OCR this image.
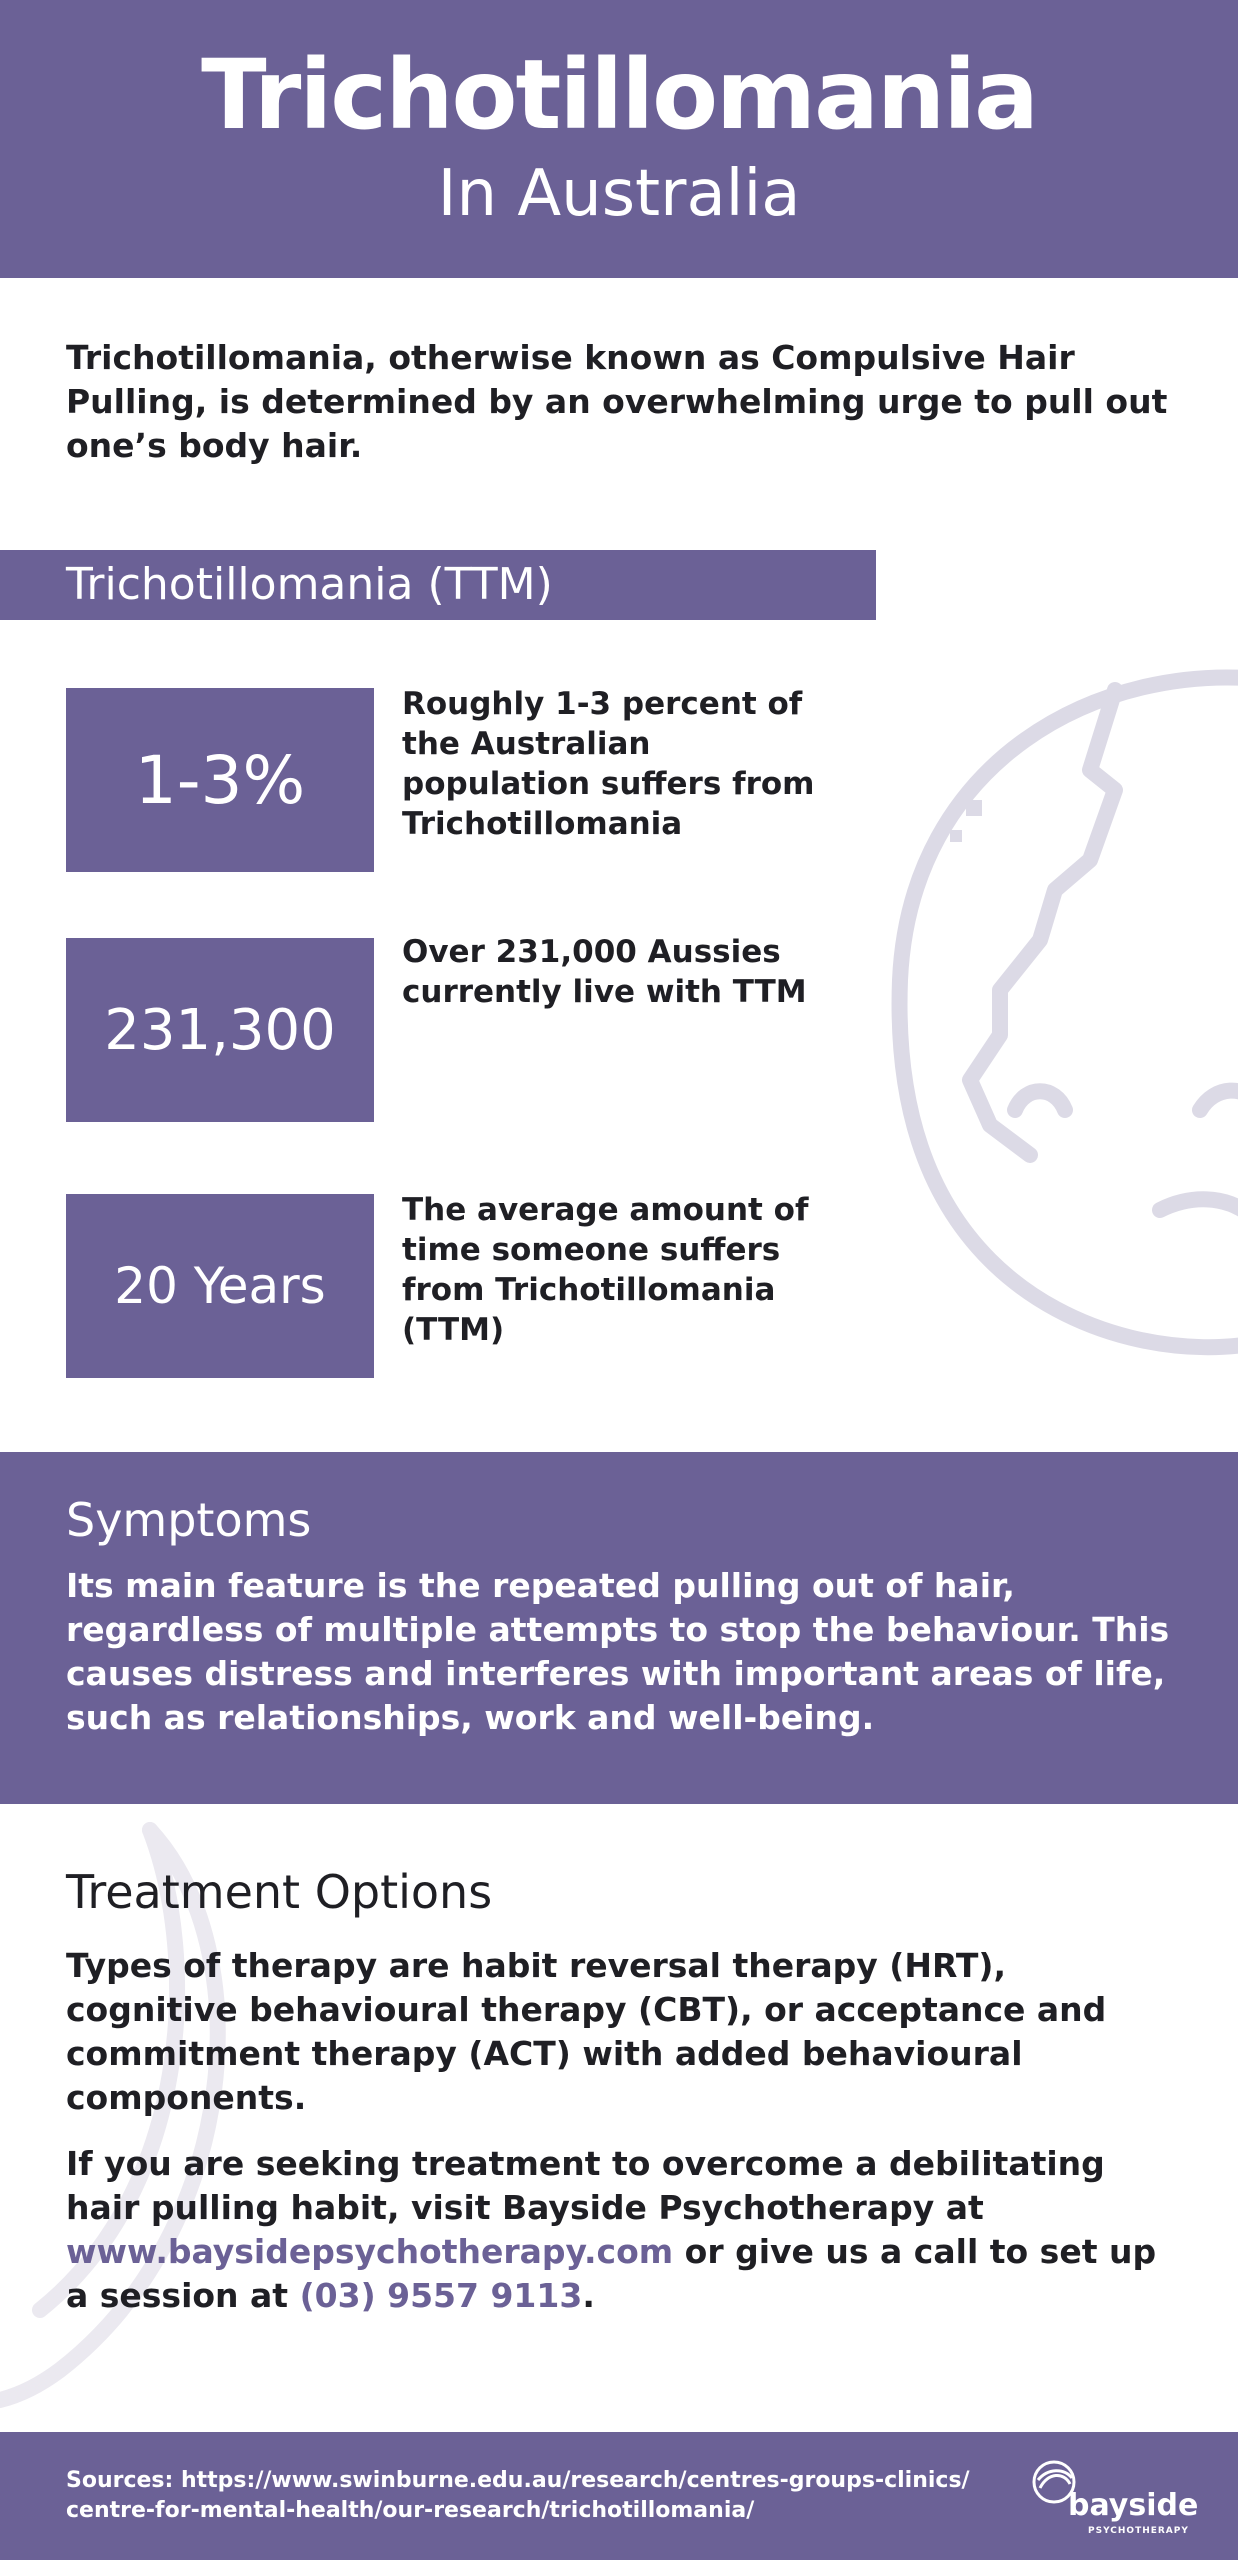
Trichotillomania
In Australia
Trichotillomania, otherwise known as Compulsive Hair Pulling, is determined by an overwhelming urge to pull out one’s body hair.
Trichotillomania (TTM)
1-3%
Roughly 1-3 percent of the Australian population suffers from Trichotillomania
231,300
Over 231,000 Aussies currently live with TTM
20 Years
The average amount of time someone suffers from Trichotillomania (TTM)
Symptoms
Its main feature is the repeated pulling out of hair, regardless of multiple attempts to stop the behaviour. This causes distress and interferes with important areas of life, such as relationships, work and well-being.
Treatment Options
Types of therapy are habit reversal therapy (HRT), cognitive behavioural therapy (CBT), or acceptance and commitment therapy (ACT) with added behavioural components.
If you are seeking treatment to overcome a debilitating hair pulling habit, visit Bayside Psychotherapy at www.baysidepsychotherapy.com or give us a call to set up a session at (03) 9557 9113.
Sources: https://www.swinburne.edu.au/research/centres-groups-clinics/ centre-for-mental-health/our-research/trichotillomania/	bayside
PSYCHOTHERAPY
